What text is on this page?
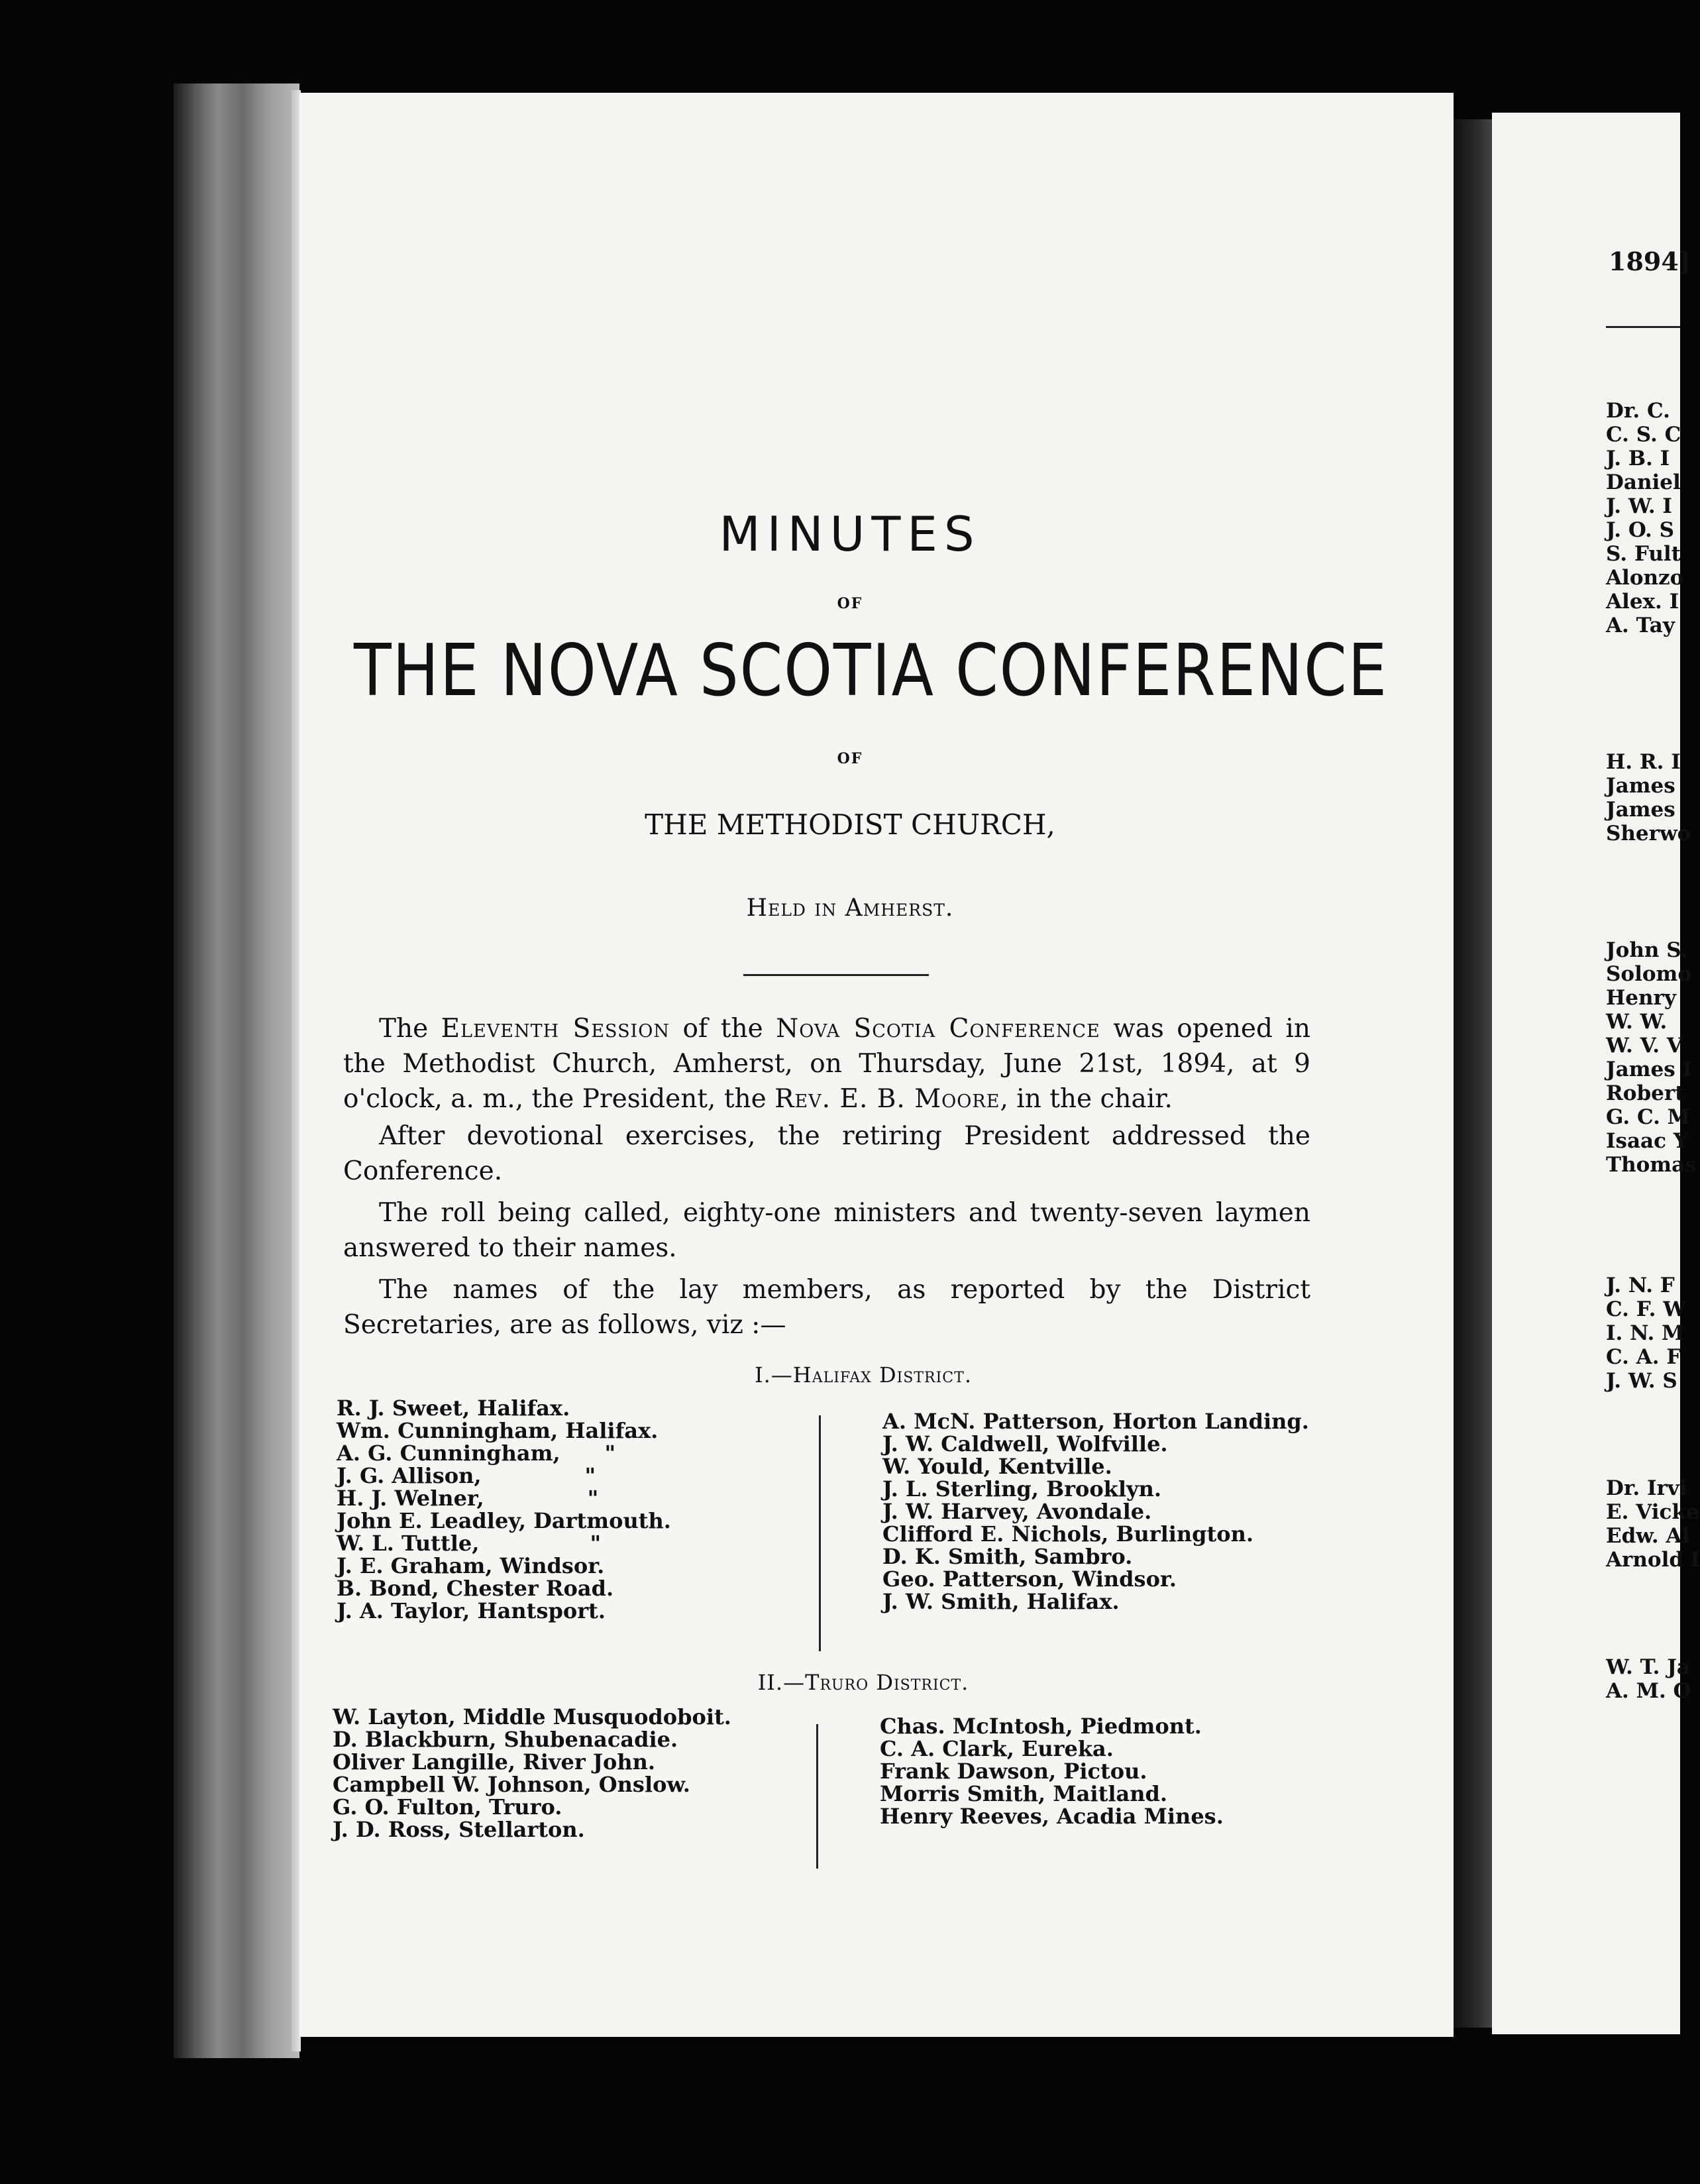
MINUTES
OF
THE NOVA SCOTIA CONFERENCE
OF
THE METHODIST CHURCH,
Held in Amherst.
The Eleventh Session of the Nova Scotia Conference was opened in the Methodist Church, Amherst, on Thursday, June 21st, 1894, at 9 o'clock, a. m., the President, the Rev. E. B. Moore, in the chair.
After devotional exercises, the retiring President addressed the Conference.
The roll being called, eighty-one ministers and twenty-seven laymen answered to their names.
The names of the lay members, as reported by the District Secretaries, are as follows, viz :—
I.—Halifax District.
R. J. Sweet, Halifax.
Wm. Cunningham, Halifax.
A. G. Cunningham,      "
J. G. Allison,              "
H. J. Welner,              "
John E. Leadley, Dartmouth.
W. L. Tuttle,               "
J. E. Graham, Windsor.
B. Bond, Chester Road.
J. A. Taylor, Hantsport.
A. McN. Patterson, Horton Landing.
J. W. Caldwell, Wolfville.
W. Yould, Kentville.
J. L. Sterling, Brooklyn.
J. W. Harvey, Avondale.
Clifford E. Nichols, Burlington.
D. K. Smith, Sambro.
Geo. Patterson, Windsor.
J. W. Smith, Halifax.
II.—Truro District.
W. Layton, Middle Musquodoboit.
D. Blackburn, Shubenacadie.
Oliver Langille, River John.
Campbell W. Johnson, Onslow.
G. O. Fulton, Truro.
J. D. Ross, Stellarton.
Chas. McIntosh, Piedmont.
C. A. Clark, Eureka.
Frank Dawson, Pictou.
Morris Smith, Maitland.
Henry Reeves, Acadia Mines.
1894]
Dr. C.
C. S. C
J. B. I
Daniel
J. W. I
J. O. S
S. Fult
Alonzo
Alex. I
A. Tay
H. R. I
James
James
Sherwo
John S.
Solomo
Henry
W. W.
W. V. V
James I
Robert
G. C. M
Isaac Y
Thomas
J. N. F
C. F. W
I. N. M
C. A. F
J. W. S
Dr. Irvi
E. Vicke
Edw. Al
Arnold I
W. T. Ja
A. M. O
